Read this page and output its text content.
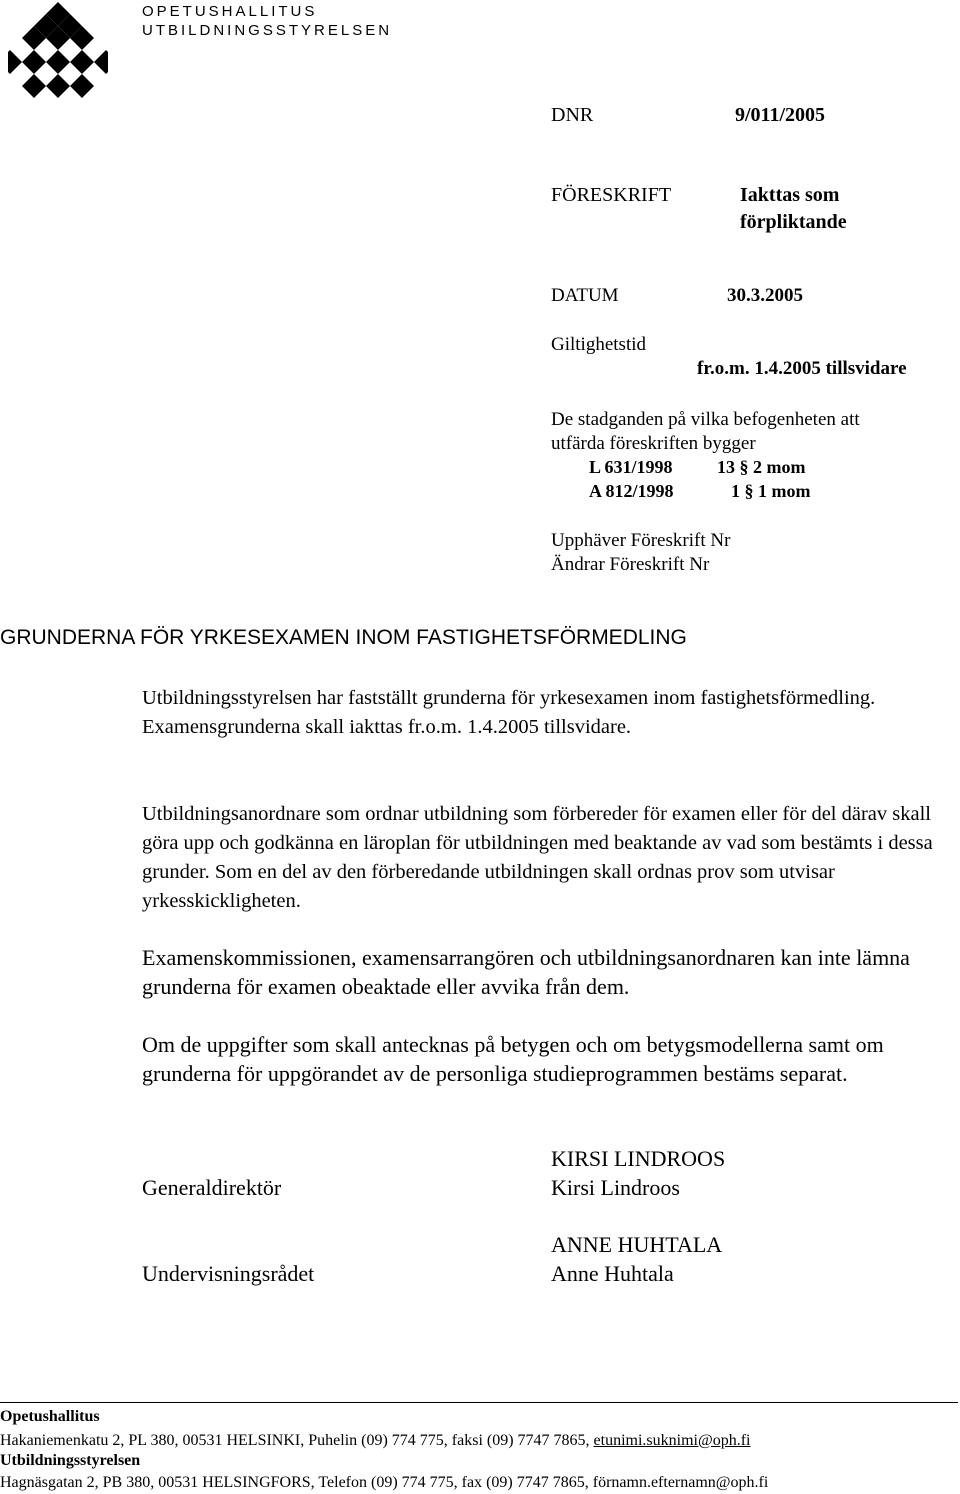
OPETUSHALLITUS
UTBILDNINGSSTYRELSEN
DNR	9/011/2005
FÖRESKRIFT	Iakttas som
förpliktande
DATUM	30.3.2005
Giltighetstid
fr.o.m. 1.4.2005 tillsvidare
De stadganden på vilka befogenheten att
utfärda föreskriften bygger
L 631/1998 13 § 2 mom
A 812/1998	1 § 1 mom
Upphäver Föreskrift Nr
Ändrar Föreskrift Nr
GRUNDERNA FÖR YRKESEXAMEN INOM FASTIGHETSFÖRMEDLING

Utbildningsstyrelsen har fastställt grunderna för yrkesexamen inom fastighetsförmedling. Examensgrunderna skall iakttas fr.o.m. 1.4.2005 tillsvidare.

Utbildningsanordnare som ordnar utbildning som förbereder för examen eller för del därav skall göra upp och godkänna en läroplan för utbildningen med beaktande av vad som bestämts i dessa grunder. Som en del av den förberedande utbildningen skall ordnas prov som utvisar yrkesskickligheten.

Examenskommissionen, examensarrangören och utbildningsanordnaren kan inte lämna grunderna för examen obeaktade eller avvika från dem.

Om de uppgifter som skall antecknas på betygen och om betygsmodellerna samt om grunderna för uppgörandet av de personliga studieprogrammen bestäms separat.

KIRSI LINDROOS
Generaldirektör	Kirsi Lindroos
ANNE HUHTALA
Undervisningsrådet	Anne Huhtala
Opetushallitus
Hakaniemenkatu 2, PL 380, 00531 HELSINKI, Puhelin (09) 774 775, faksi (09) 7747 7865, etunimi.suknimi@oph.fi
Utbildningsstyrelsen
Hagnäsgatan 2, PB 380, 00531 HELSINGFORS, Telefon (09) 774 775, fax (09) 7747 7865, förnamn.efternamn@oph.fi
